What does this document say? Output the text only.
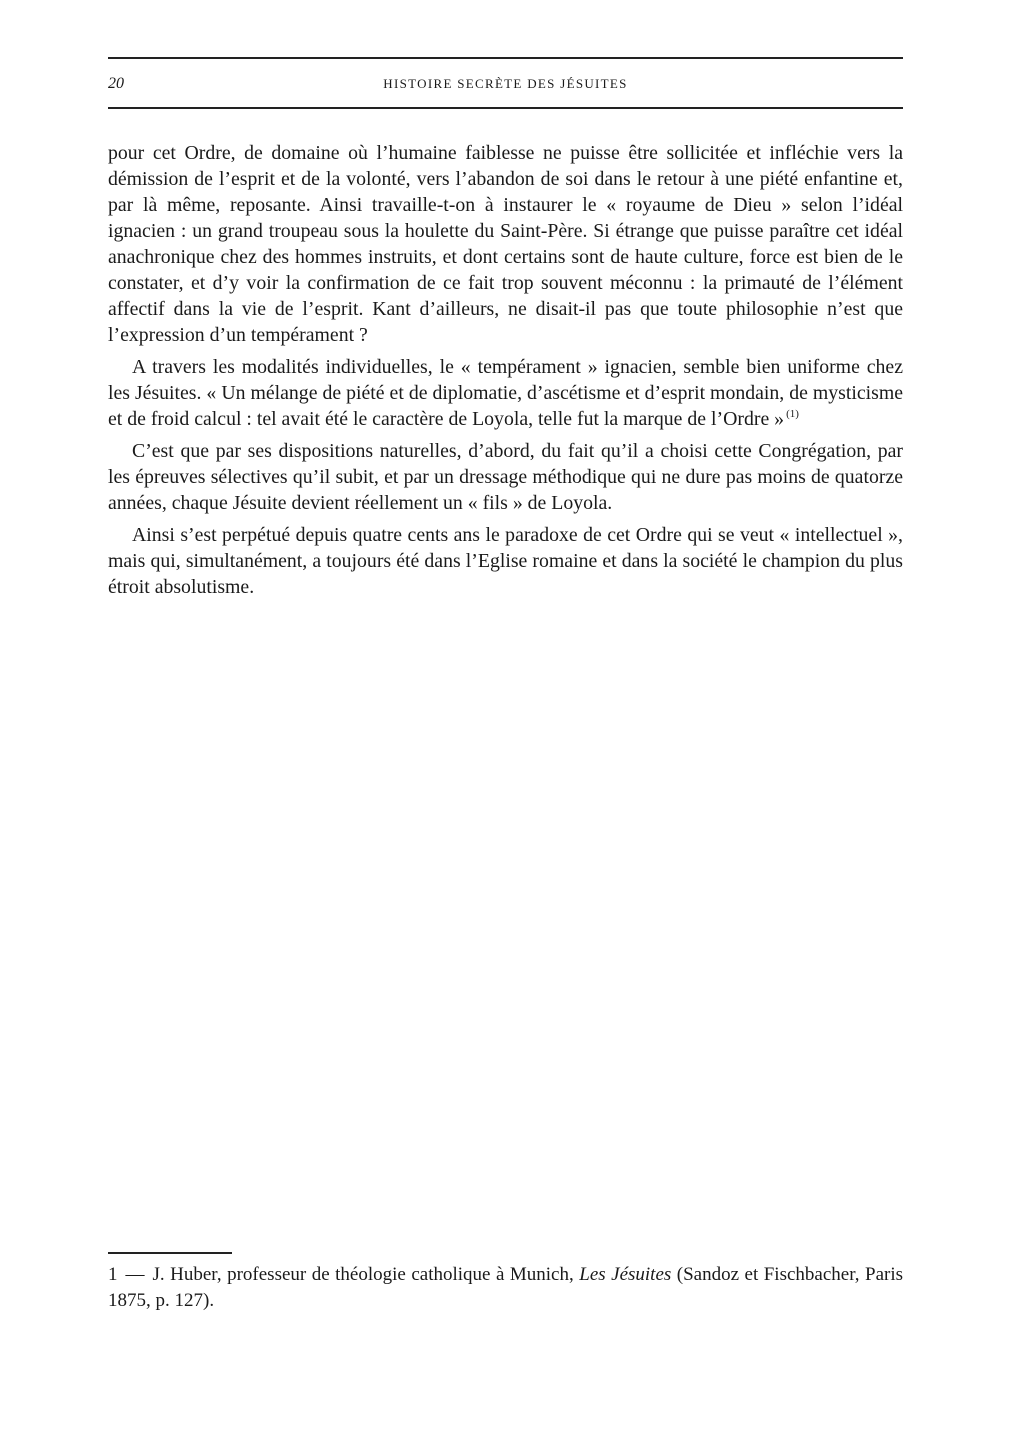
20	HISTOIRE SECRÈTE DES JÉSUITES

pour cet Ordre, de domaine où l’humaine faiblesse ne puisse être sollicitée et infléchie vers la démission de l’esprit et de la volonté, vers l’abandon de soi dans le retour à une piété enfantine et, par là même, reposante. Ainsi travaille-t-on à instaurer le « royaume de Dieu » selon l’idéal ignacien : un grand troupeau sous la houlette du Saint-Père. Si étrange que puisse paraître cet idéal anachronique chez des hommes instruits, et dont certains sont de haute culture, force est bien de le constater, et d’y voir la confirmation de ce fait trop souvent méconnu : la primauté de l’élément affectif dans la vie de l’esprit. Kant d’ailleurs, ne disait-il pas que toute philosophie n’est que l’expression d’un tempérament ?

A travers les modalités individuelles, le « tempérament » ignacien, semble bien uniforme chez les Jésuites. « Un mélange de piété et de diplomatie, d’ascétisme et d’esprit mondain, de mysticisme et de froid calcul : tel avait été le caractère de Loyola, telle fut la marque de l’Ordre » $^{(1)}$

C’est que par ses dispositions naturelles, d’abord, du fait qu’il a choisi cette Congrégation, par les épreuves sélectives qu’il subit, et par un dressage méthodique qui ne dure pas moins de quatorze années, chaque Jésuite devient réellement un « fils » de Loyola.

Ainsi s’est perpétué depuis quatre cents ans le paradoxe de cet Ordre qui se veut « intellectuel », mais qui, simultanément, a toujours été dans l’Eglise romaine et dans la société le champion du plus étroit absolutisme.

1 — J. Huber, professeur de théologie catholique à Munich, Les Jésuites (Sandoz et Fischbacher, Paris 1875, p. 127).
